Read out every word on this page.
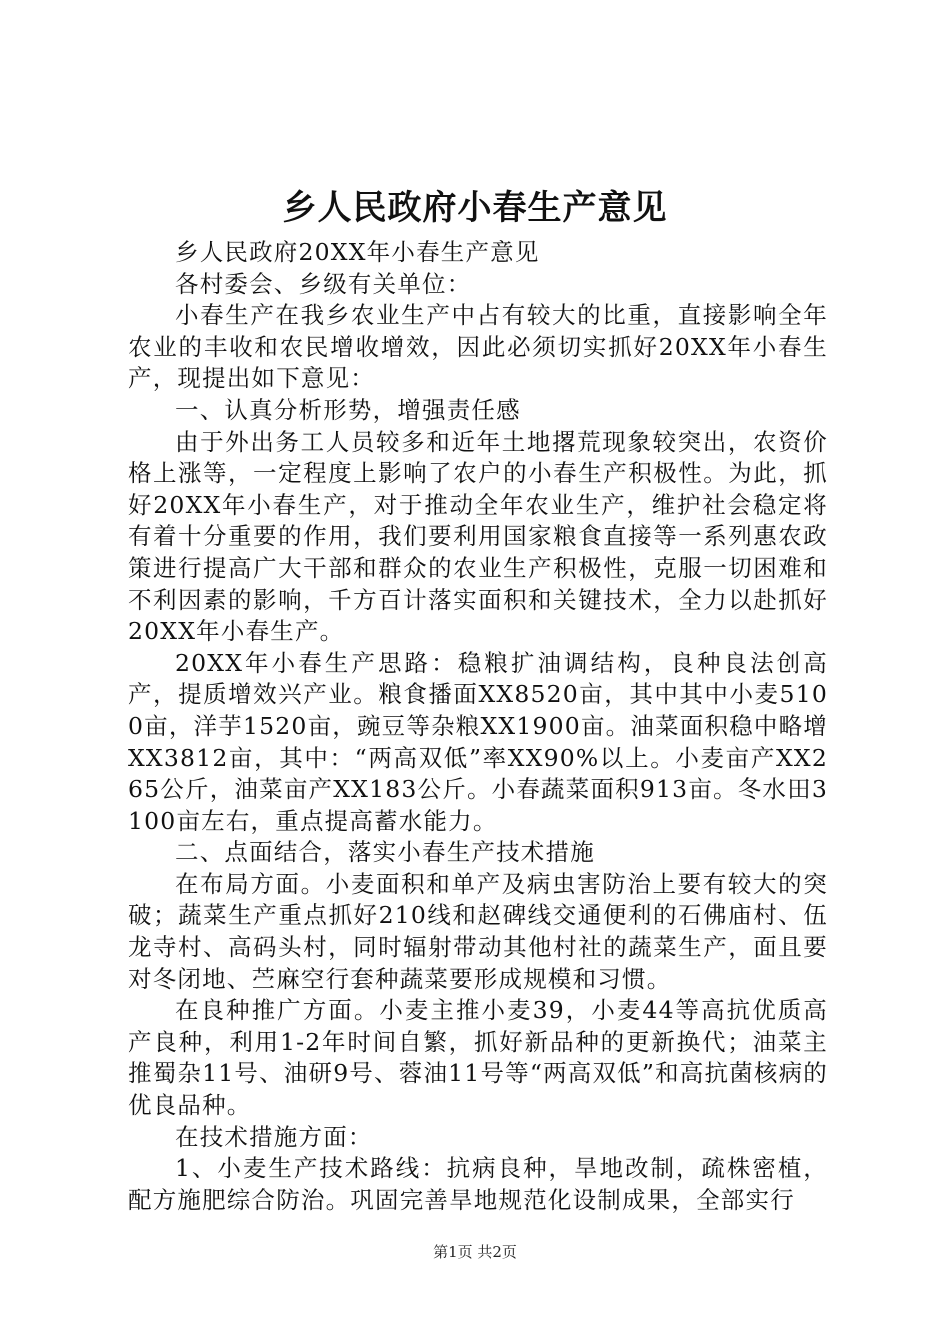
乡人民政府小春生产意见

乡人民政府20XX年小春生产意见

各村委会、乡级有关单位：

小春生产在我乡农业生产中占有较大的比重，直接影响全年农业的丰收和农民增收增效，因此必须切实抓好20XX年小春生产，现提出如下意见：

一、认真分析形势，增强责任感

由于外出务工人员较多和近年土地撂荒现象较突出，农资价格上涨等，一定程度上影响了农户的小春生产积极性。为此，抓好20XX年小春生产，对于推动全年农业生产，维护社会稳定将有着十分重要的作用，我们要利用国家粮食直接等一系列惠农政策进行提高广大干部和群众的农业生产积极性，克服一切困难和不利因素的影响，千方百计落实面积和关键技术，全力以赴抓好20XX年小春生产。

20XX年小春生产思路：稳粮扩油调结构，良种良法创高产，提质增效兴产业。粮食播面XX8520亩，其中其中小麦5100亩，洋芋1520亩，豌豆等杂粮XX1900亩。油菜面积稳中略增XX3812亩，其中：“两高双低”率XX90%以上。小麦亩产XX265公斤，油菜亩产XX183公斤。小春蔬菜面积913亩。冬水田3100亩左右，重点提高蓄水能力。

二、点面结合，落实小春生产技术措施

在布局方面。小麦面积和单产及病虫害防治上要有较大的突破；蔬菜生产重点抓好210线和赵碑线交通便利的石佛庙村、伍龙寺村、高码头村，同时辐射带动其他村社的蔬菜生产，面且要对冬闭地、苎麻空行套种蔬菜要形成规模和习惯。

在良种推广方面。小麦主推小麦39，小麦44等高抗优质高产良种，利用1-2年时间自繁，抓好新品种的更新换代；油菜主推蜀杂11号、油研9号、蓉油11号等“两高双低”和高抗菌核病的优良品种。

在技术措施方面：

1、小麦生产技术路线：抗病良种，旱地改制，疏株密植，配方施肥综合防治。巩固完善旱地规范化设制成果，全部实行

第1页 共2页
